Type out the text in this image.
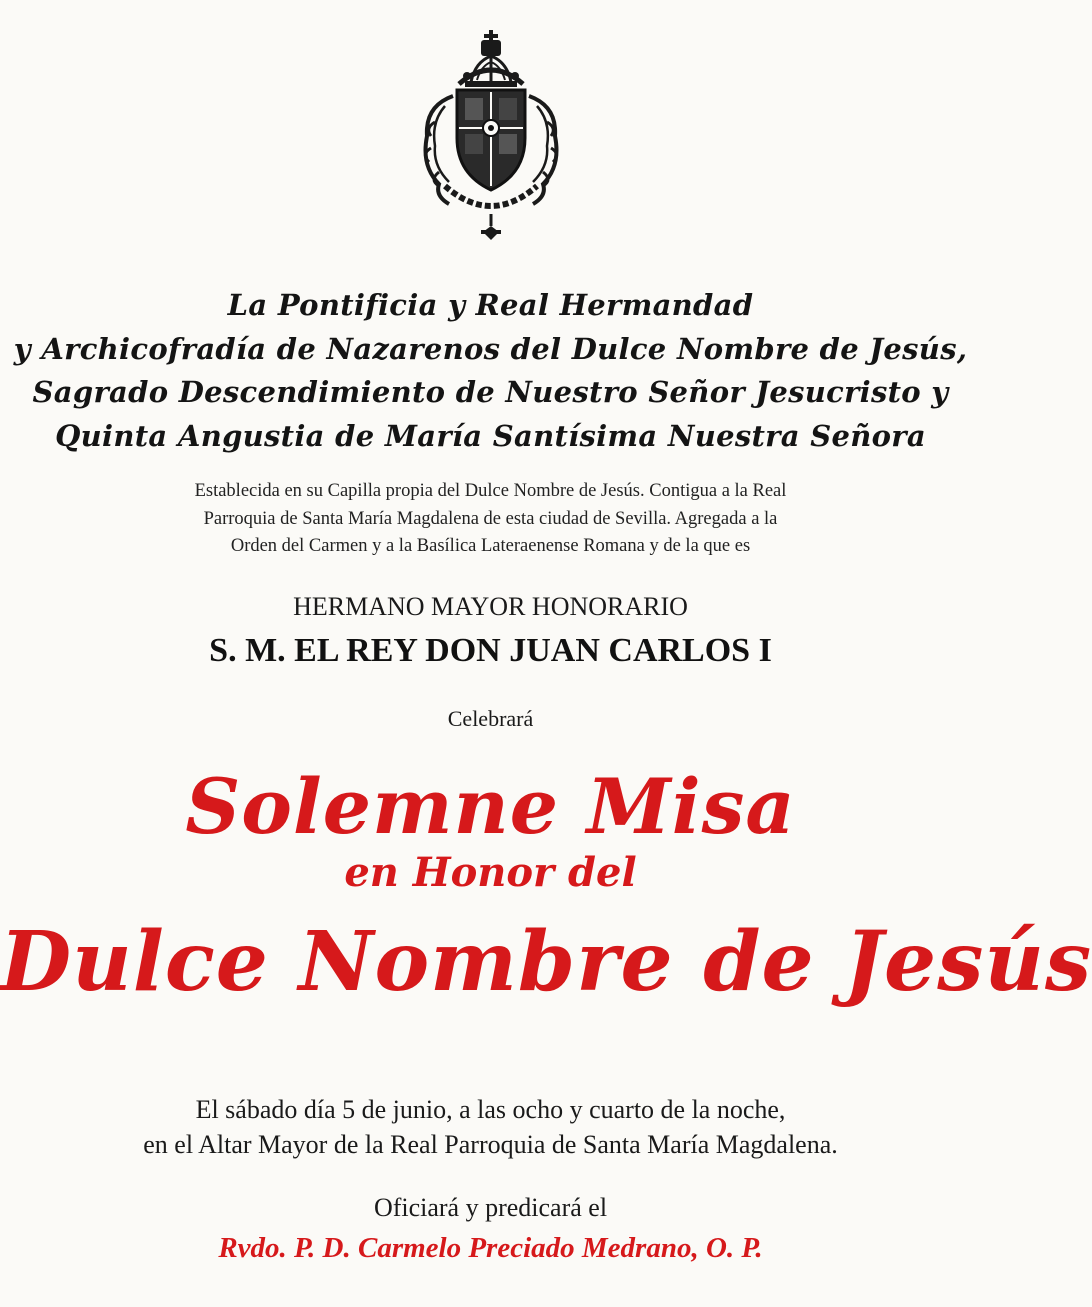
La Pontificia y Real Hermandad
y Archicofradía de Nazarenos del Dulce Nombre de Jesús,
Sagrado Descendimiento de Nuestro Señor Jesucristo y
Quinta Angustia de María Santísima Nuestra Señora
Establecida en su Capilla propia del Dulce Nombre de Jesús. Contigua a la Real
Parroquia de Santa María Magdalena de esta ciudad de Sevilla. Agregada a la
Orden del Carmen y a la Basílica Lateraenense Romana y de la que es
HERMANO MAYOR HONORARIO
S. M. EL REY DON JUAN CARLOS I
Celebrará
Solemne Misa
en Honor del
Dulce Nombre de Jesús
El sábado día 5 de junio, a las ocho y cuarto de la noche,
en el Altar Mayor de la Real Parroquia de Santa María Magdalena.
Oficiará y predicará el
Rvdo. P. D. Carmelo Preciado Medrano, O. P.
